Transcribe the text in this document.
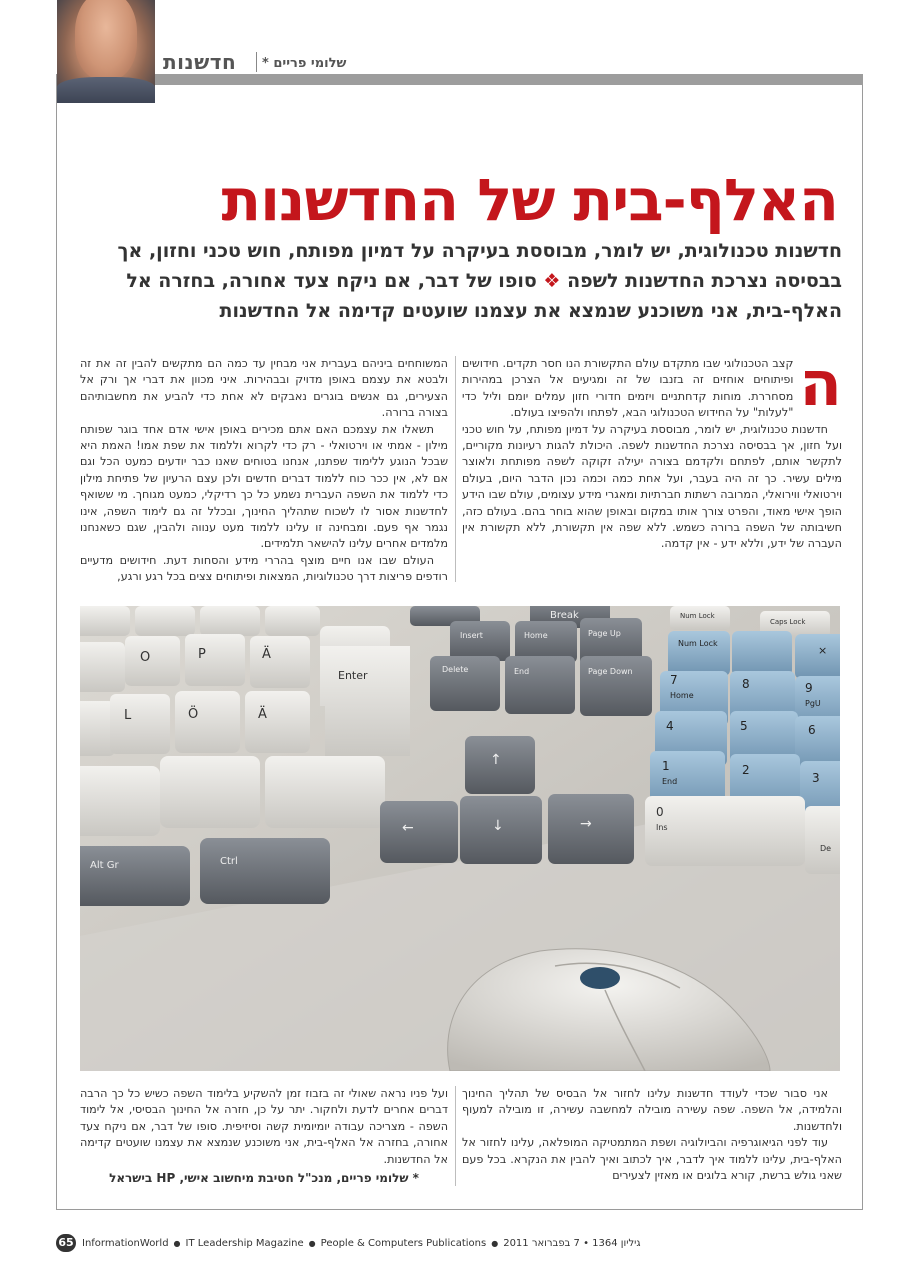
חדשנות שלומי פריים *
האלף-בית של החדשנות
חדשנות טכנולוגית, יש לומר, מבוססת בעיקרה על דמיון מפותח, חוש טכני וחזון, אך בבסיסה נצרכת החדשנות לשפה ❖ סופו של דבר, אם ניקח צעד אחורה, בחזרה אל האלף-בית, אני משוכנע שנמצא את עצמנו שועטים קדימה אל החדשנות

ה
קצב הטכנולוגי שבו מתקדם עולם התקשורת הנו חסר תקדים. חידושים ופיתוחים אוחזים זה בזנבו של זה ומגיעים אל הצרכן במהירות מסחררת. מוחות קדחתניים ויזמים חדורי חזון עמלים יומם וליל כדי "לעלות" על החידוש הטכנולוגי הבא, לפתחו ולהפיצו בעולם.

חדשנות טכנולוגית, יש לומר, מבוססת בעיקרה על דמיון מפותח, על חוש טכני ועל חזון, אך בבסיסה נצרכת החדשנות לשפה. היכולת להגות רעיונות מקוריים, לתקשר אותם, לפתחם ולקדמם בצורה יעילה זקוקה לשפה מפותחת ולאוצר מילים עשיר. כך זה היה בעבר, ועל אחת כמה וכמה נכון הדבר היום, בעולם וירטואלי ווירואלי, המרובה רשתות חברתיות ומאגרי מידע עצומים, עולם שבו הידע הופך אישי מאוד, והפרט צורך אותו במקום ובאופן שהוא בוחר בהם. בעולם כזה, חשיבותה של השפה ברורה כשמש. ללא שפה אין תקשורת, ללא תקשורת אין העברה של ידע, וללא ידע - אין קדמה.

המשוחחים ביניהם בעברית אני מבחין עד כמה הם מתקשים להבין זה את זה ולבטא את עצמם באופן מדויק ובבהירות. איני מכוון את דברי אך ורק אל הצעירים, גם אנשים בוגרים נאבקים לא אחת כדי להביע את מחשבותיהם בצורה ברורה.

תשאלו את עצמכם האם אתם מכירים באופן אישי אדם אחד בוגר שפותח מילון - אמתי או וירטואלי - רק כדי לקרוא וללמוד את שפת אמו! האמת היא שבכל הנוגע ללימוד שפתנו, אנחנו בטוחים שאנו כבר יודעים כמעט הכל וגם אם לא, אין ככר כוח ללמוד דברים חדשים ולכן עצם הרעיון של פתיחת מילון כדי ללמוד את השפה העברית נשמע כל כך רדיקלי, כמעט מגוחך. מי ששואף לחדשנות אסור לו לשכוח שתהליך החינוך, ובכלל זה גם לימוד השפה, אינו נגמר אף פעם. ומבחינה זו עלינו ללמוד מעט ענווה ולהבין, שגם כשאנחנו מלמדים אחרים עלינו להישאר תלמידים.

העולם שבו אנו חיים מוצף בהררי מידע והסחות דעת. חידושים מדעיים רודפים פריצות דרך טכנולוגיות, המצאות ופיתוחים צצים בכל רגע ורגע,

O	P	Ä
L	Ö	Ä
Enter
Alt Gr	Ctrl
Break
Insert	Home	Page Up
Delete	End	Page Down
↑
←	↓	→
Num Lock
Caps Lock
Num Lock
×
7
Home
8	9
PgU
4	5	6
1
End
2
3
0
Ins
De

אני סבור שכדי לעודד חדשנות עלינו לחזור אל הבסיס של תהליך החינוך והלמידה, אל השפה. שפה עשירה מובילה למחשבה עשירה, זו מובילה למעוף ולחדשנות.

עוד לפני הגיאוגרפיה והביולוגיה ושפת המתמטיקה המופלאה, עלינו לחזור אל האלף-בית, עלינו ללמוד איך לדבר, איך לכתוב ואיך להבין את הנקרא. בכל פעם שאני גולש ברשת, קורא בלוגים או מאזין לצעירים

ועל פניו נראה שאולי זה בזבוז זמן להשקיע בלימוד השפה כשיש כל כך הרבה דברים אחרים לדעת ולחקור. יתר על כן, חזרה אל החינוך הבסיסי, אל לימוד השפה - מצריכה עבודה יומיומית קשה וסיזיפית. סופו של דבר, אם ניקח צעד אחורה, בחזרה אל האלף-בית, אני משוכנע שנמצא את עצמנו שועטים קדימה אל החדשנות.

* שלומי פריים, מנכ"ל חטיבת מיחשוב אישי, HP בישראל

65 InformationWorld ● IT Leadership Magazine ● People & Computers Publications ● גיליון 1364 • 7 בפברואר 2011
